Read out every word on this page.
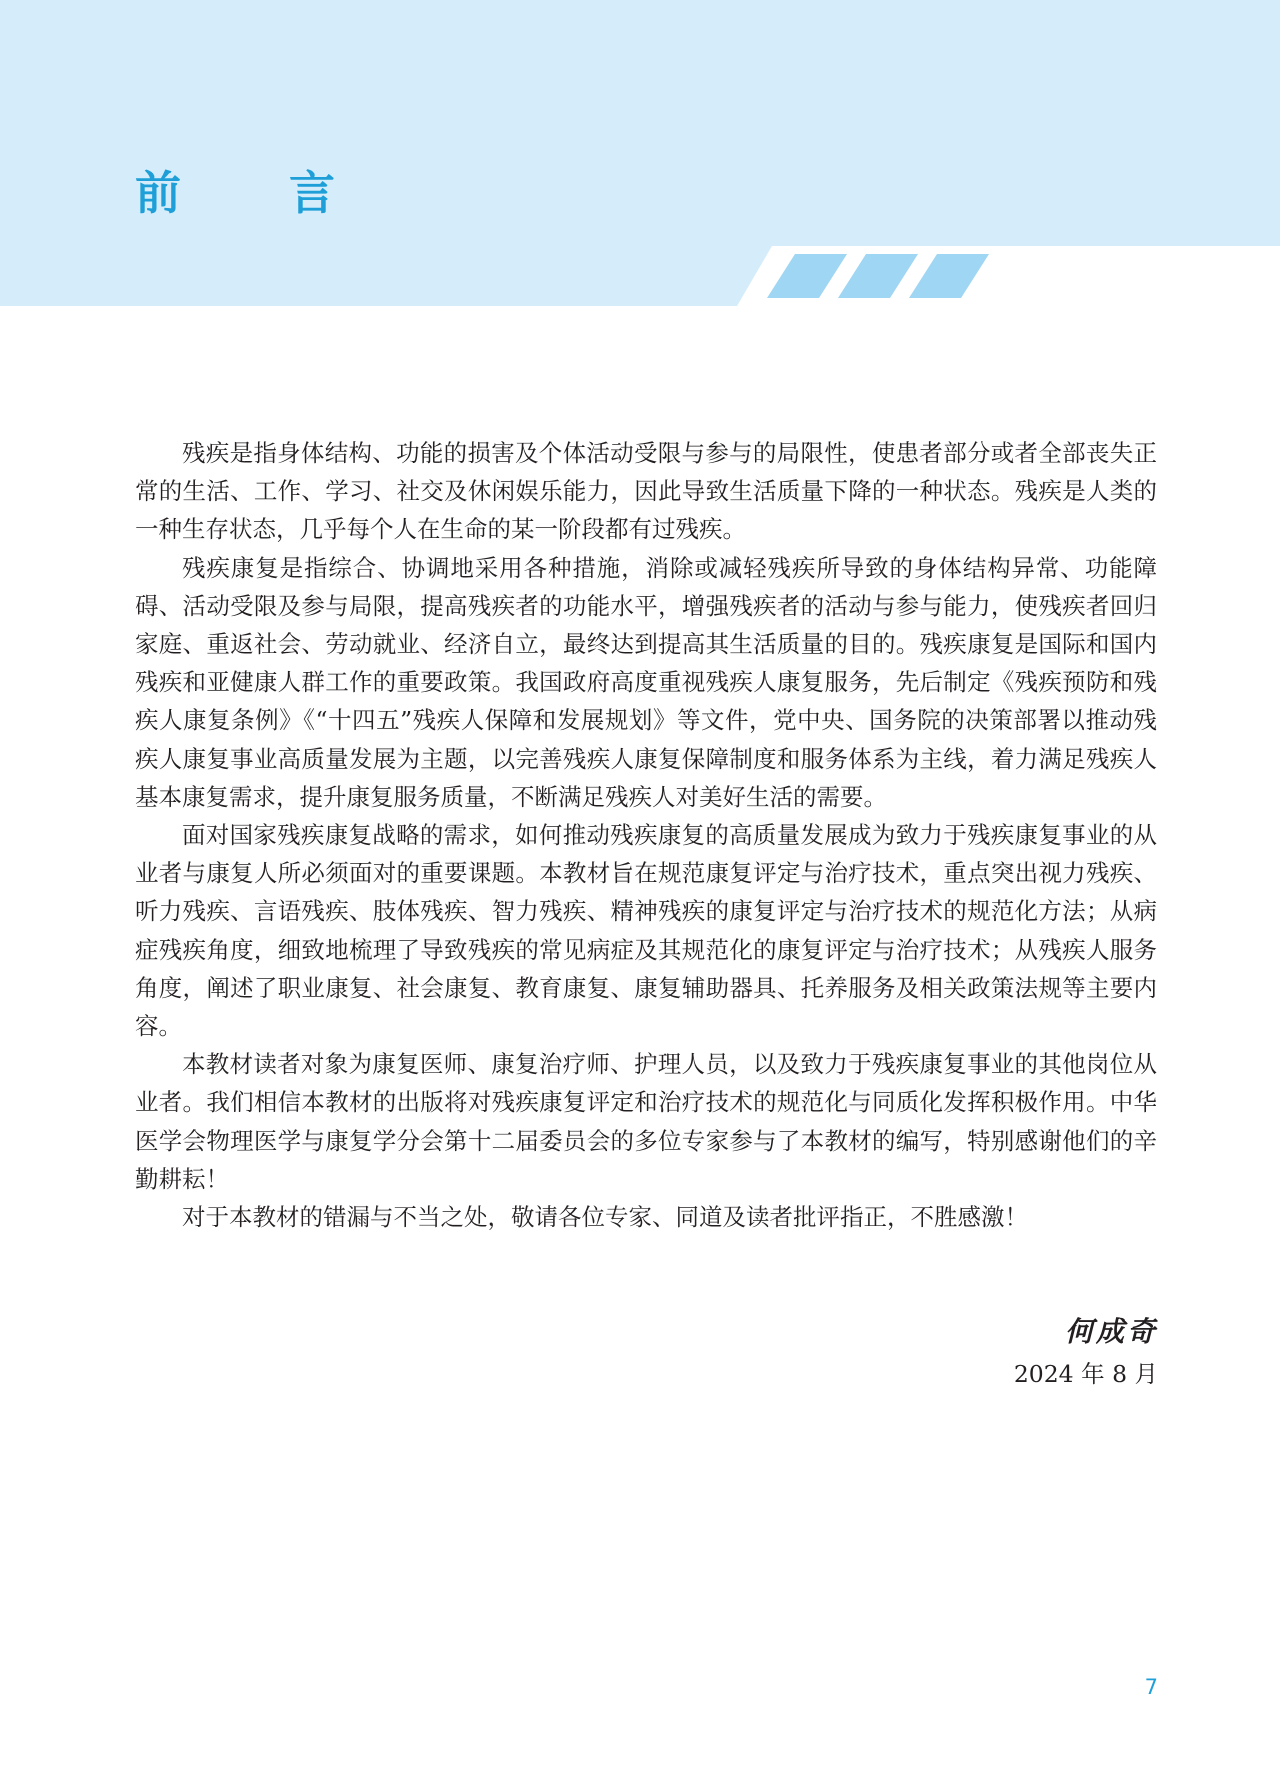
前 言

残疾是指身体结构、功能的损害及个体活动受限与参与的局限性，使患者部分或者全部丧失正常的生活、工作、学习、社交及休闲娱乐能力，因此导致生活质量下降的一种状态。残疾是人类的一种生存状态，几乎每个人在生命的某一阶段都有过残疾。

残疾康复是指综合、协调地采用各种措施，消除或减轻残疾所导致的身体结构异常、功能障碍、活动受限及参与局限，提高残疾者的功能水平，增强残疾者的活动与参与能力，使残疾者回归家庭、重返社会、劳动就业、经济自立，最终达到提高其生活质量的目的。残疾康复是国际和国内残疾和亚健康人群工作的重要政策。我国政府高度重视残疾人康复服务，先后制定《残疾预防和残疾人康复条例》《“十四五”残疾人保障和发展规划》等文件，党中央、国务院的决策部署以推动残疾人康复事业高质量发展为主题，以完善残疾人康复保障制度和服务体系为主线，着力满足残疾人基本康复需求，提升康复服务质量，不断满足残疾人对美好生活的需要。

面对国家残疾康复战略的需求，如何推动残疾康复的高质量发展成为致力于残疾康复事业的从业者与康复人所必须面对的重要课题。本教材旨在规范康复评定与治疗技术，重点突出视力残疾、听力残疾、言语残疾、肢体残疾、智力残疾、精神残疾的康复评定与治疗技术的规范化方法；从病症残疾角度，细致地梳理了导致残疾的常见病症及其规范化的康复评定与治疗技术；从残疾人服务角度，阐述了职业康复、社会康复、教育康复、康复辅助器具、托养服务及相关政策法规等主要内容。

本教材读者对象为康复医师、康复治疗师、护理人员，以及致力于残疾康复事业的其他岗位从业者。我们相信本教材的出版将对残疾康复评定和治疗技术的规范化与同质化发挥积极作用。中华医学会物理医学与康复学分会第十二届委员会的多位专家参与了本教材的编写，特别感谢他们的辛勤耕耘！

对于本教材的错漏与不当之处，敬请各位专家、同道及读者批评指正，不胜感激！

何成奇
2024 年 8 月
7
